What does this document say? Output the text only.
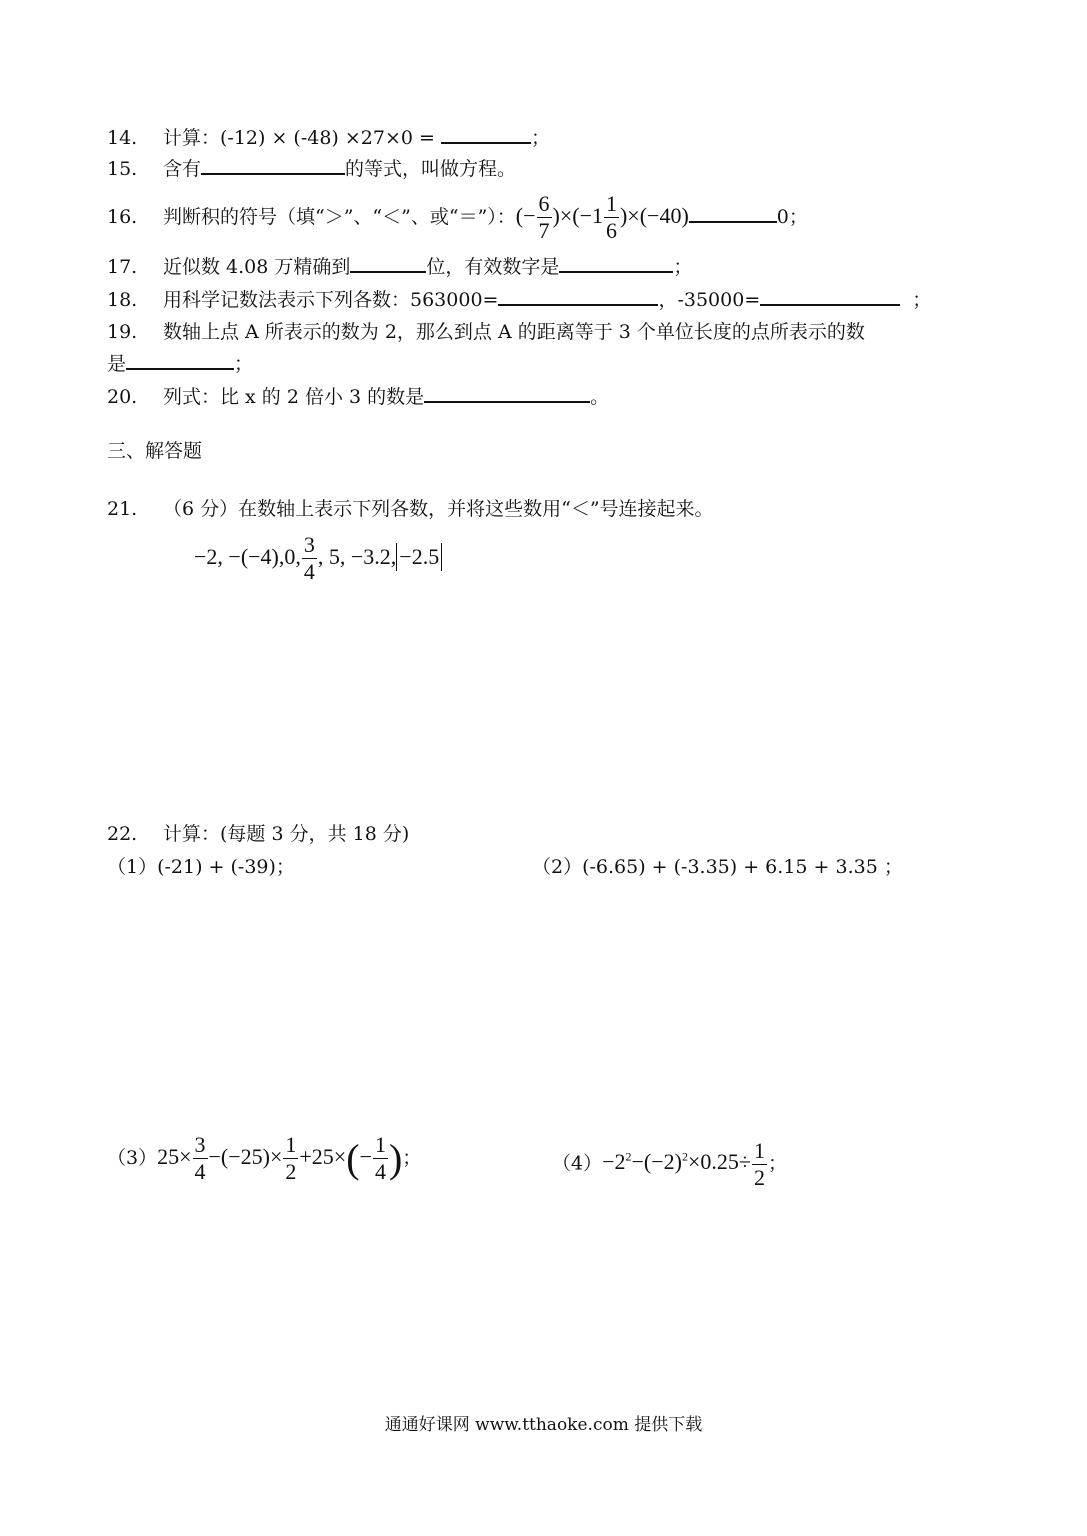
14. 计算：(-12) × (-48) ×27×0 =	；
15. 含有	的等式，叫做方程。
16. 判断积的符号（填“＞”、“＜”、或“＝”）：(− $\frac{6}{7} )\times(-1 \frac{1}{6} )\times(-40)$	0；
17. 近似数 4.08 万精确到	位，有效数字是	；
18. 用科学记数法表示下列各数：563000=	，-35000=	；
19. 数轴上点 A 所表示的数为 2，那么到点 A 的距离等于 3 个单位长度的点所表示的数
是	；
20. 列式：比 x 的 2 倍小 3 的数是	。
三、解答题
21. （6 分）在数轴上表示下列各数，并将这些数用“＜”号连接起来。
−2, −(−4),0, $\frac{3}{4}$ , 5, −3.2, −2.5
22. 计算：(每题 3 分，共 18 分)
（1）(-21) + (-39)；	（2）(-6.65) + (-3.35) + 6.15 + 3.35 ；
$(3)25\times \frac{3}{4} -(-25)\times \frac{1}{2} +25\times(- \frac{1}{4}$ )；	$(4)-2^2-(-2)^2\times 0.25\div \frac{1}{2}$ ；
通通好课网 www.tthaoke.com 提供下载
